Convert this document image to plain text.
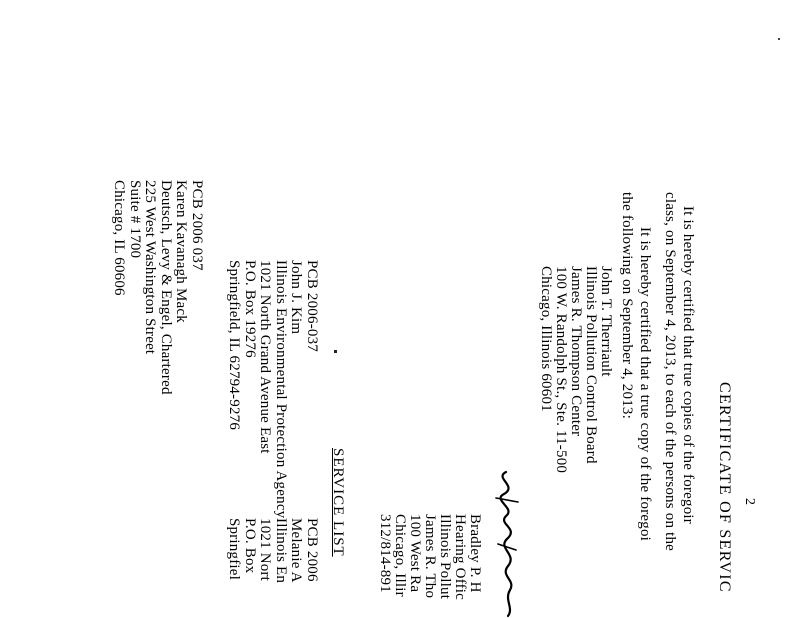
2
CERTIFICATE OF SERVIC
It is hereby certified that true copies of the foregoir
class, on September 4, 2013, to each of the persons on the
It is hereby certified that a true copy of the foregoi
the following on September 4, 2013:
John T. Therriault
Illinois Pollution Control Board
James R. Thompson Center
100 W. Randolph St., Ste. 11-500
Chicago, Illinois 60601
Bradley P. H
Hearing Offic
Illinois Pollut
James R. Tho
100 West Ra
Chicago, Illir
312/814-891
SERVICE LIST
PCB 2006-037
John J. Kim
Illinois Environmental Protection Agency
1021 North Grand Avenue East
P.O. Box 19276
Springfield, IL 62794-9276
PCB 2006 037
Karen Kavanagh Mack
Deutsch, Levy & Engel, Chartered
225 West Washington Street
Suite # 1700
Chicago, IL 60606
PCB 2006
Melanie A
Illinois En
1021 Nort
P.O. Box
Springfiel
